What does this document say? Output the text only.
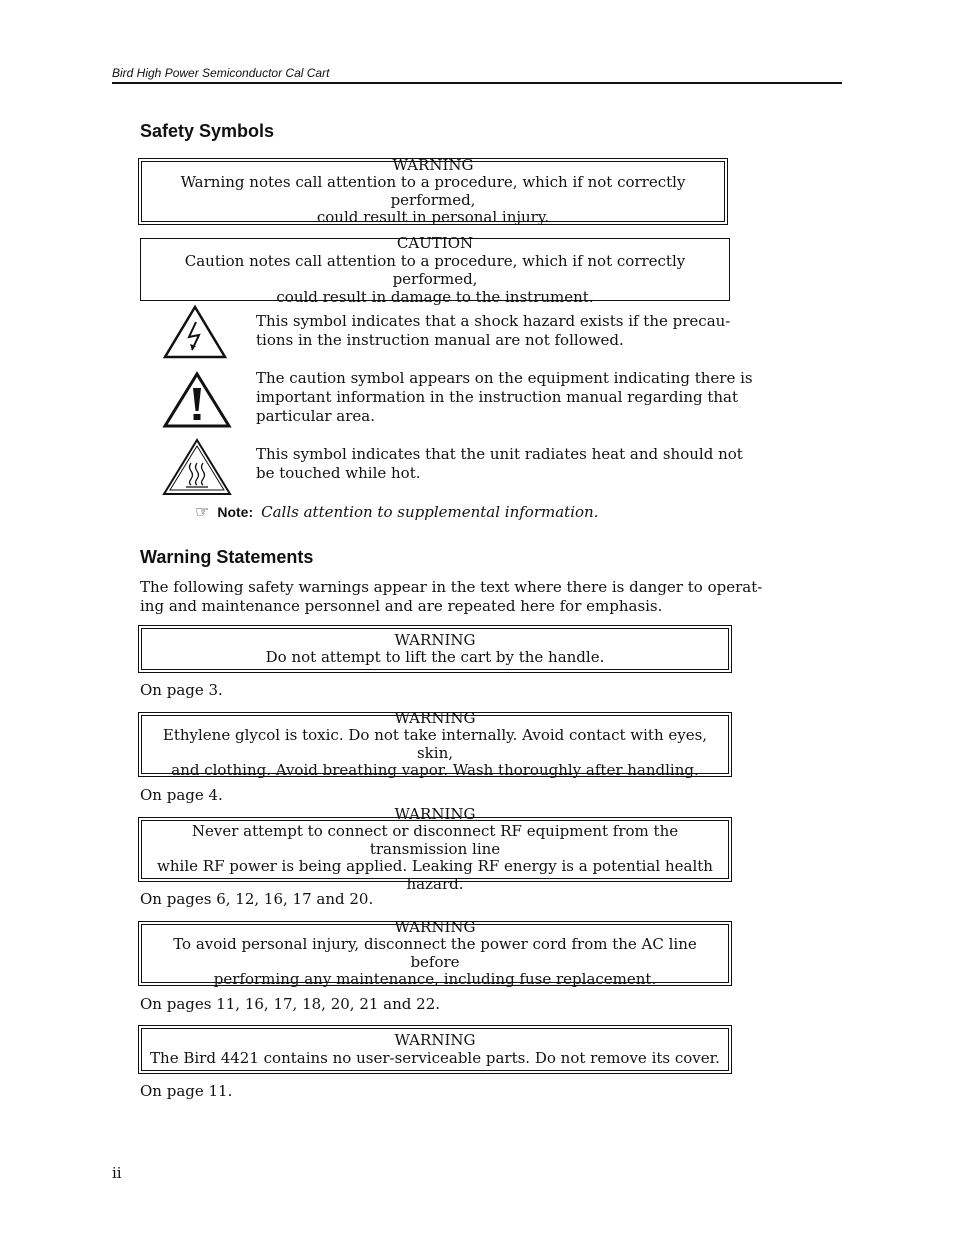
Bird High Power Semiconductor Cal Cart
Safety Symbols
WARNING
Warning notes call attention to a procedure, which if not correctly performed,
could result in personal injury.
CAUTION
Caution notes call attention to a procedure, which if not correctly performed,
could result in damage to the instrument.

This symbol indicates that a shock hazard exists if the precau-
tions in the instruction manual are not followed.

The caution symbol appears on the equipment indicating there is
important information in the instruction manual regarding that
particular area.

This symbol indicates that the unit radiates heat and should not
be touched while hot.

☞ Note: Calls attention to supplemental information.
Warning Statements

The following safety warnings appear in the text where there is danger to operat-
ing and maintenance personnel and are repeated here for emphasis.

WARNING
Do not attempt to lift the cart by the handle.
On page 3.
WARNING
Ethylene glycol is toxic. Do not take internally. Avoid contact with eyes, skin,
and clothing. Avoid breathing vapor. Wash thoroughly after handling.
On page 4.
WARNING
Never attempt to connect or disconnect RF equipment from the transmission line
while RF power is being applied. Leaking RF energy is a potential health hazard.
On pages 6, 12, 16, 17 and 20.
WARNING
To avoid personal injury, disconnect the power cord from the AC line before
performing any maintenance, including fuse replacement.
On pages 11, 16, 17, 18, 20, 21 and 22.
WARNING
The Bird 4421 contains no user-serviceable parts. Do not remove its cover.
On page 11.
ii
